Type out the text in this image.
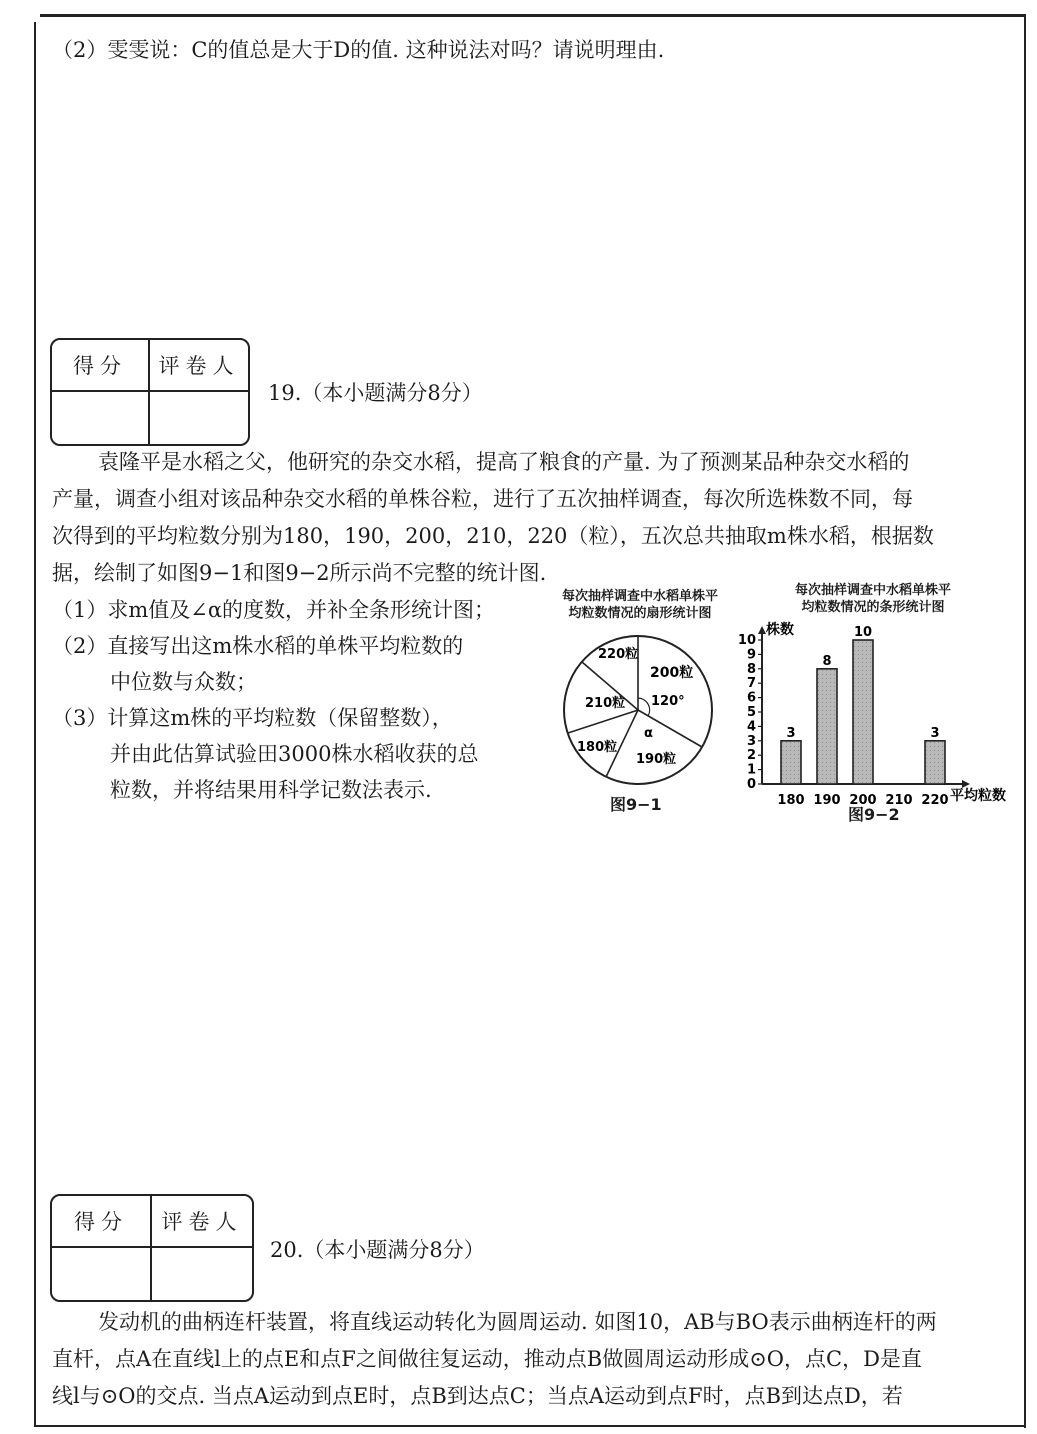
（2）雯雯说：C的值总是大于D的值. 这种说法对吗？请说明理由.
得分	评卷人
19.（本小题满分8分）
袁隆平是水稻之父，他研究的杂交水稻，提高了粮食的产量. 为了预测某品种杂交水稻的
产量，调查小组对该品种杂交水稻的单株谷粒，进行了五次抽样调查，每次所选株数不同，每
次得到的平均粒数分别为180，190，200，210，220（粒），五次总共抽取m株水稻，根据数
据，绘制了如图9−1和图9−2所示尚不完整的统计图.
（1）求m值及∠α的度数，并补全条形统计图；
（2）直接写出这m株水稻的单株平均粒数的
中位数与众数；
（3）计算这m株的平均粒数（保留整数），
并由此估算试验田3000株水稻收获的总
粒数，并将结果用科学记数法表示.
每次抽样调查中水稻单株平
均粒数情况的扇形统计图
200粒
220粒
210粒
180粒
190粒
120°
α
图9−1
每次抽样调查中水稻单株平
均粒数情况的条形统计图
0
1
2
3
4
5
6
7
8
9
10
180 190 200 210 220
3
8
10
3
株数
平均粒数
图9−2
得分	评卷人
20.（本小题满分8分）
发动机的曲柄连杆装置，将直线运动转化为圆周运动. 如图10，AB与BO表示曲柄连杆的两
直杆，点A在直线l上的点E和点F之间做往复运动，推动点B做圆周运动形成⊙O，点C，D是直
线l与⊙O的交点. 当点A运动到点E时，点B到达点C；当点A运动到点F时，点B到达点D，若
